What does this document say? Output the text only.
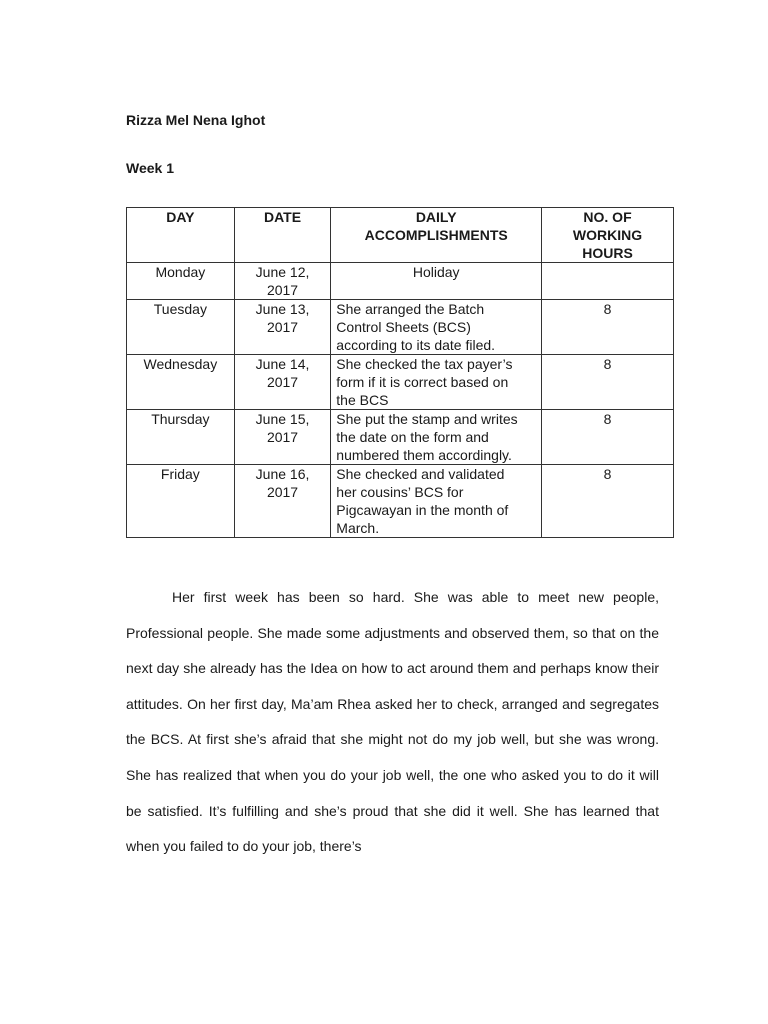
Rizza Mel Nena Ighot
Week 1
DAY	DATE	DAILY ACCOMPLISHMENTS	NO. OF WORKING HOURS

Monday	June 12, 2017	Holiday	
Tuesday	June 13, 2017	She arranged the Batch Control Sheets (BCS) according to its date filed.	8
Wednesday	June 14, 2017	She checked the tax payer’s form if it is correct based on the BCS	8
Thursday	June 15, 2017	She put the stamp and writes the date on the form and numbered them accordingly.	8
Friday	June 16, 2017	She checked and validated her cousins’ BCS for Pigcawayan in the month of March.	8

Her first week has been so hard. She was able to meet new people, Professional people. She made some adjustments and observed them, so that on the next day she already has the Idea on how to act around them and perhaps know their attitudes. On her first day, Ma’am Rhea asked her to check, arranged and segregates the BCS. At first she’s afraid that she might not do my job well, but she was wrong. She has realized that when you do your job well, the one who asked you to do it will be satisfied. It’s fulfilling and she’s proud that she did it well. She has learned that when you failed to do your job, there’s
